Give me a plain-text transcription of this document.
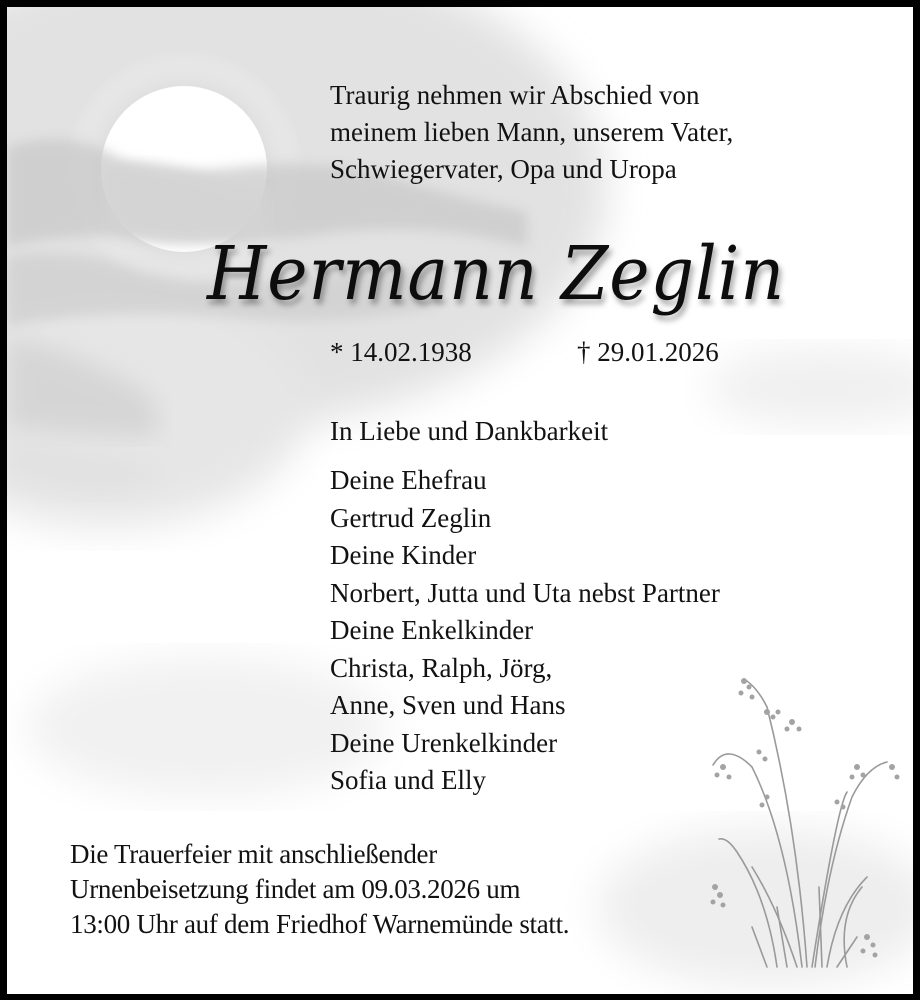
Traurig nehmen wir Abschied von
meinem lieben Mann, unserem Vater,
Schwiegervater, Opa und Uropa
Hermann Zeglin
* 14.02.1938	† 29.01.2026
In Liebe und Dankbarkeit
Deine Ehefrau
Gertrud Zeglin
Deine Kinder
Norbert, Jutta und Uta nebst Partner
Deine Enkelkinder
Christa, Ralph, Jörg,
Anne, Sven und Hans
Deine Urenkelkinder
Sofia und Elly
Die Trauerfeier mit anschließender
Urnenbeisetzung findet am 09.03.2026 um
13:00 Uhr auf dem Friedhof Warnemünde statt.
